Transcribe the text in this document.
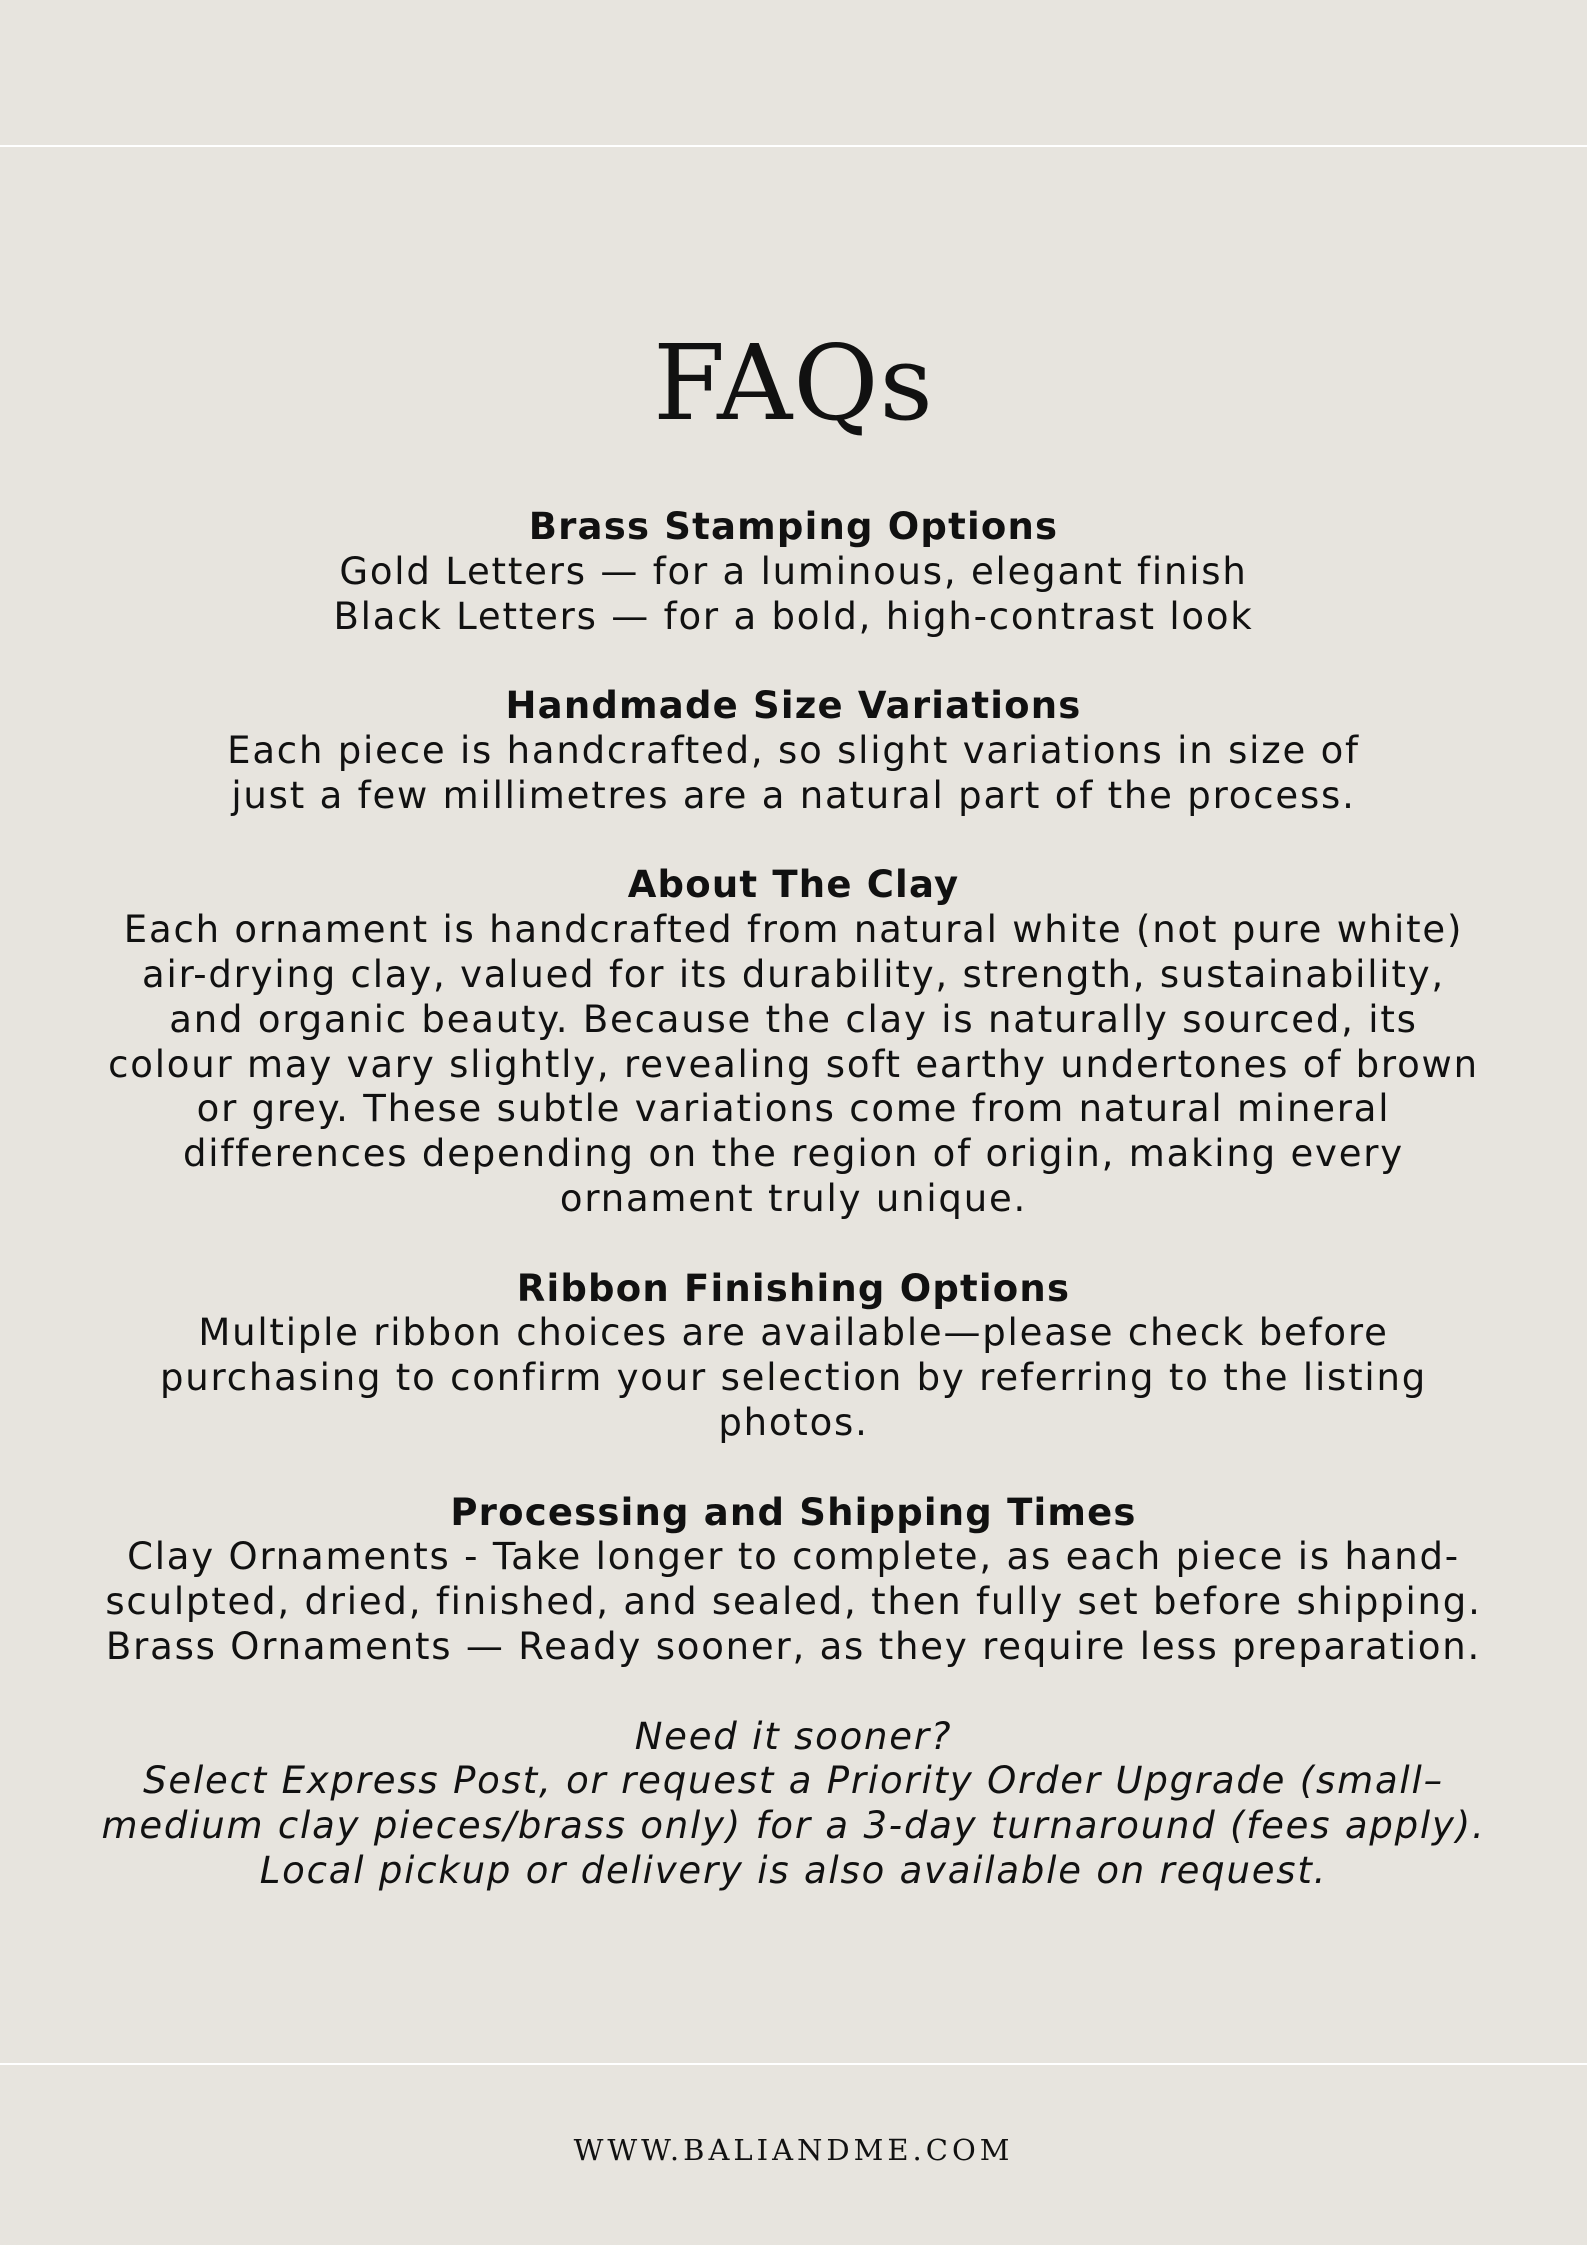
FAQs
Brass Stamping Options

Gold Letters — for a luminous, elegant finish

Black Letters — for a bold, high-contrast look

Handmade Size Variations

Each piece is handcrafted, so slight variations in size of

just a few millimetres are a natural part of the process.

About The Clay

Each ornament is handcrafted from natural white (not pure white)

air-drying clay, valued for its durability, strength, sustainability,

and organic beauty. Because the clay is naturally sourced, its

colour may vary slightly, revealing soft earthy undertones of brown

or grey. These subtle variations come from natural mineral

differences depending on the region of origin, making every

ornament truly unique.

Ribbon Finishing Options

Multiple ribbon choices are available—please check before

purchasing to confirm your selection by referring to the listing

photos.

Processing and Shipping Times

Clay Ornaments - Take longer to complete, as each piece is hand-

sculpted, dried, finished, and sealed, then fully set before shipping.

Brass Ornaments — Ready sooner, as they require less preparation.

Need it sooner?

Select Express Post, or request a Priority Order Upgrade (small–

medium clay pieces/brass only) for a 3-day turnaround (fees apply).

Local pickup or delivery is also available on request.

WWW.BALIANDME.COM
